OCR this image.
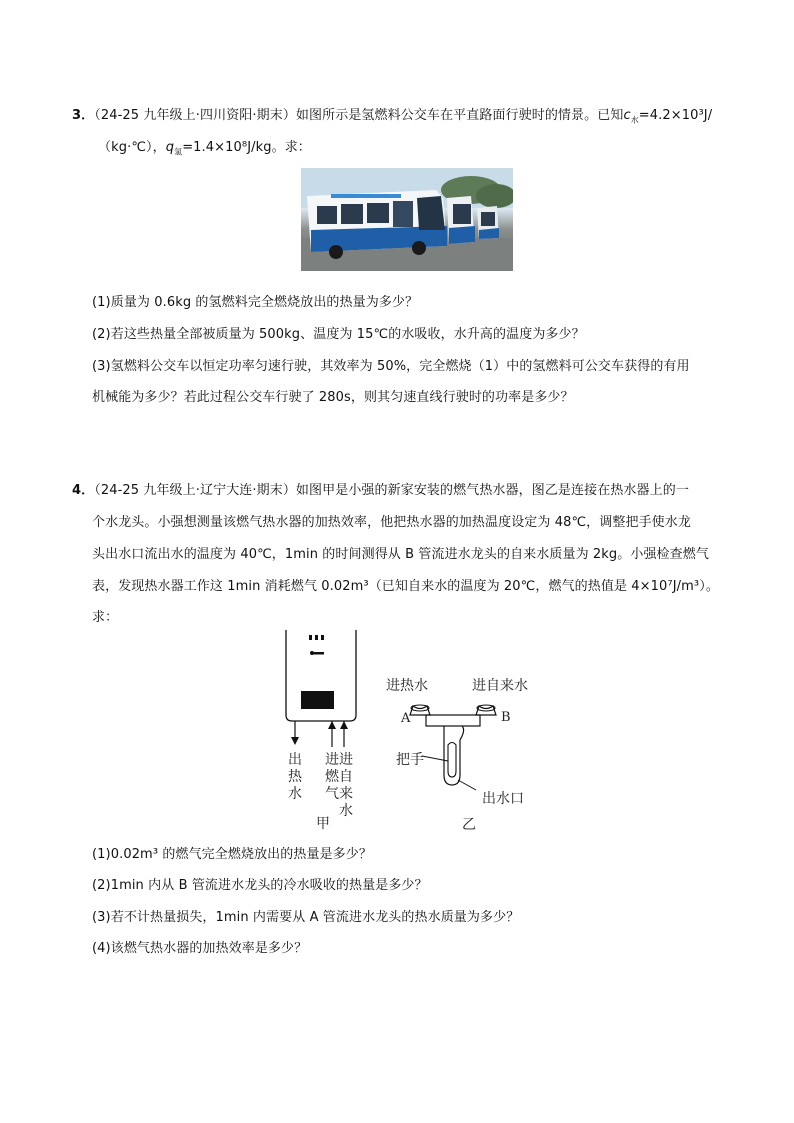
3．（24-25 九年级上·四川资阳·期末）如图所示是氢燃料公交车在平直路面行驶时的情景。已知$c_水=4.2\times 10^3J/$
（kg·℃），$q_氢=1.4\times 10^8J/kg$。求：
(1)质量为 0.6kg 的氢燃料完全燃烧放出的热量为多少？
(2)若这些热量全部被质量为 500kg、温度为 15℃的水吸收，水升高的温度为多少？
(3)氢燃料公交车以恒定功率匀速行驶，其效率为 50%，完全燃烧（1）中的氢燃料可公交车获得的有用
机械能为多少？若此过程公交车行驶了 280s，则其匀速直线行驶时的功率是多少？
4．（24-25 九年级上·辽宁大连·期末）如图甲是小强的新家安装的燃气热水器，图乙是连接在热水器上的一
个水龙头。小强想测量该燃气热水器的加热效率，他把热水器的加热温度设定为 48℃，调整把手使水龙
头出水口流出水的温度为 40℃，1min 的时间测得从 B 管流进水龙头的自来水质量为 2kg。小强检查燃气
表，发现热水器工作这 1min 消耗燃气 0.02m³（已知自来水的温度为 20℃，燃气的热值是 4×10⁷J/m³）。
求：
出热水
进燃气
进自来水
甲
进热水	进自来水
A	B
把手
出水口
乙
(1)0.02m³ 的燃气完全燃烧放出的热量是多少？
(2)1min 内从 B 管流进水龙头的冷水吸收的热量是多少？
(3)若不计热量损失，1min 内需要从 A 管流进水龙头的热水质量为多少？
(4)该燃气热水器的加热效率是多少？
